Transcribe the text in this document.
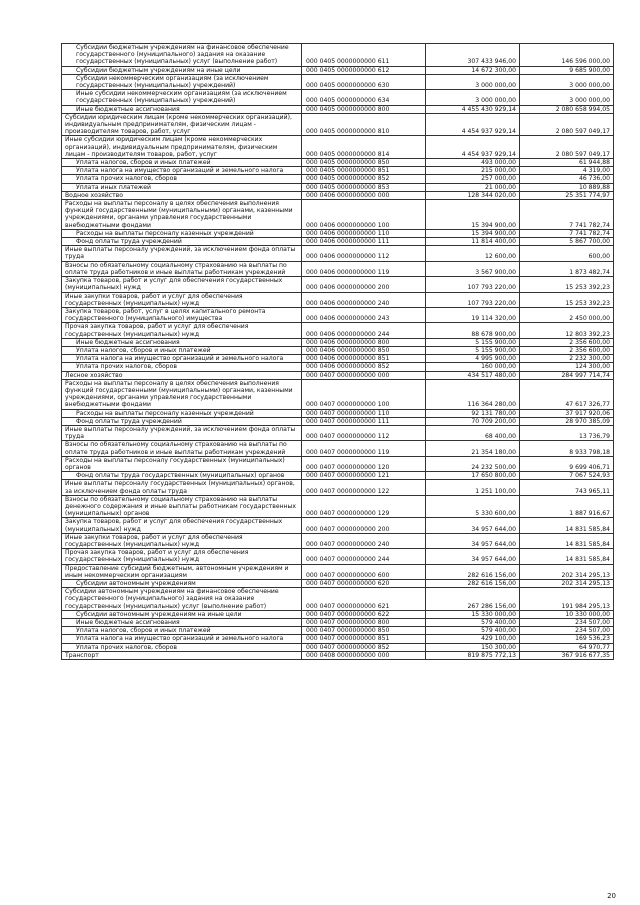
Субсидии бюджетным учреждениям на финансовое обеспечение государственного (муниципального) задания на оказание государственных (муниципальных) услуг (выполнение работ)	000 0405 0000000000 611	307 433 946,00	146 596 000,00
Субсидии бюджетным учреждениям на иные цели	000 0405 0000000000 612	14 672 300,00	9 685 900,00
Субсидии некоммерческим организациям (за исключением государственных (муниципальных) учреждений)	000 0405 0000000000 630	3 000 000,00	3 000 000,00
Иные субсидии некоммерческим организациям (за исключением государственных (муниципальных) учреждений)	000 0405 0000000000 634	3 000 000,00	3 000 000,00
Иные бюджетные ассигнования	000 0405 0000000000 800	4 455 430 929,14	2 080 658 994,05
Субсидии юридическим лицам (кроме некоммерческих организаций), индивидуальным предпринимателям, физическим лицам - производителям товаров, работ, услуг	000 0405 0000000000 810	4 454 937 929,14	2 080 597 049,17
Иные субсидии юридическим лицам (кроме некоммерческих организаций), индивидуальным предпринимателям, физическим лицам - производителям товаров, работ, услуг	000 0405 0000000000 814	4 454 937 929,14	2 080 597 049,17
Уплата налогов, сборов и иных платежей	000 0405 0000000000 850	493 000,00	61 944,88
Уплата налога на имущество организаций и земельного налога	000 0405 0000000000 851	215 000,00	4 319,00
Уплата прочих налогов, сборов	000 0405 0000000000 852	257 000,00	46 736,00
Уплата иных платежей	000 0405 0000000000 853	21 000,00	10 889,88
Водное хозяйство	000 0406 0000000000 000	128 344 020,00	25 351 774,97
Расходы на выплаты персоналу в целях обеспечения выполнения функций государственными (муниципальными) органами, казенными учреждениями, органами управления государственными внебюджетными фондами	000 0406 0000000000 100	15 394 900,00	7 741 782,74
Расходы на выплаты персоналу казенных учреждений	000 0406 0000000000 110	15 394 900,00	7 741 782,74
Фонд оплаты труда учреждений	000 0406 0000000000 111	11 814 400,00	5 867 700,00
Иные выплаты персоналу учреждений, за исключением фонда оплаты труда	000 0406 0000000000 112	12 600,00	600,00
Взносы по обязательному социальному страхованию на выплаты по оплате труда работников и иные выплаты работникам учреждений	000 0406 0000000000 119	3 567 900,00	1 873 482,74
Закупка товаров, работ и услуг для обеспечения государственных (муниципальных) нужд	000 0406 0000000000 200	107 793 220,00	15 253 392,23
Иные закупки товаров, работ и услуг для обеспечения государственных (муниципальных) нужд	000 0406 0000000000 240	107 793 220,00	15 253 392,23
Закупка товаров, работ, услуг в целях капитального ремонта государственного (муниципального) имущества	000 0406 0000000000 243	19 114 320,00	2 450 000,00
Прочая закупка товаров, работ и услуг для обеспечения государственных (муниципальных) нужд	000 0406 0000000000 244	88 678 900,00	12 803 392,23
Иные бюджетные ассигнования	000 0406 0000000000 800	5 155 900,00	2 356 600,00
Уплата налогов, сборов и иных платежей	000 0406 0000000000 850	5 155 900,00	2 356 600,00
Уплата налога на имущество организаций и земельного налога	000 0406 0000000000 851	4 995 900,00	2 232 300,00
Уплата прочих налогов, сборов	000 0406 0000000000 852	160 000,00	124 300,00
Лесное хозяйство	000 0407 0000000000 000	434 517 480,00	284 997 714,74
Расходы на выплаты персоналу в целях обеспечения выполнения функций государственными (муниципальными) органами, казенными учреждениями, органами управления государственными внебюджетными фондами	000 0407 0000000000 100	116 364 280,00	47 617 326,77
Расходы на выплаты персоналу казенных учреждений	000 0407 0000000000 110	92 131 780,00	37 917 920,06
Фонд оплаты труда учреждений	000 0407 0000000000 111	70 709 200,00	28 970 385,09
Иные выплаты персоналу учреждений, за исключением фонда оплаты труда	000 0407 0000000000 112	68 400,00	13 736,79
Взносы по обязательному социальному страхованию на выплаты по оплате труда работников и иные выплаты работникам учреждений	000 0407 0000000000 119	21 354 180,00	8 933 798,18
Расходы на выплаты персоналу государственных (муниципальных) органов	000 0407 0000000000 120	24 232 500,00	9 699 406,71
Фонд оплаты труда государственных (муниципальных) органов	000 0407 0000000000 121	17 650 800,00	7 067 524,93
Иные выплаты персоналу государственных (муниципальных) органов, за исключением фонда оплаты труда	000 0407 0000000000 122	1 251 100,00	743 965,11
Взносы по обязательному социальному страхованию на выплаты денежного содержания и иные выплаты работникам государственных (муниципальных) органов	000 0407 0000000000 129	5 330 600,00	1 887 916,67
Закупка товаров, работ и услуг для обеспечения государственных (муниципальных) нужд	000 0407 0000000000 200	34 957 644,00	14 831 585,84
Иные закупки товаров, работ и услуг для обеспечения государственных (муниципальных) нужд	000 0407 0000000000 240	34 957 644,00	14 831 585,84
Прочая закупка товаров, работ и услуг для обеспечения государственных (муниципальных) нужд	000 0407 0000000000 244	34 957 644,00	14 831 585,84
Предоставление субсидий бюджетным, автономным учреждениям и иным некоммерческим организациям	000 0407 0000000000 600	282 616 156,00	202 314 295,13
Субсидии автономным учреждениям	000 0407 0000000000 620	282 616 156,00	202 314 295,13
Субсидии автономным учреждениям на финансовое обеспечение государственного (муниципального) задания на оказание государственных (муниципальных) услуг (выполнение работ)	000 0407 0000000000 621	267 286 156,00	191 984 295,13
Субсидии автономным учреждениям на иные цели	000 0407 0000000000 622	15 330 000,00	10 330 000,00
Иные бюджетные ассигнования	000 0407 0000000000 800	579 400,00	234 507,00
Уплата налогов, сборов и иных платежей	000 0407 0000000000 850	579 400,00	234 507,00
Уплата налога на имущество организаций и земельного налога	000 0407 0000000000 851	429 100,00	169 536,23
Уплата прочих налогов, сборов	000 0407 0000000000 852	150 300,00	64 970,77
Транспорт	000 0408 0000000000 000	819 875 772,13	367 916 677,35
20
